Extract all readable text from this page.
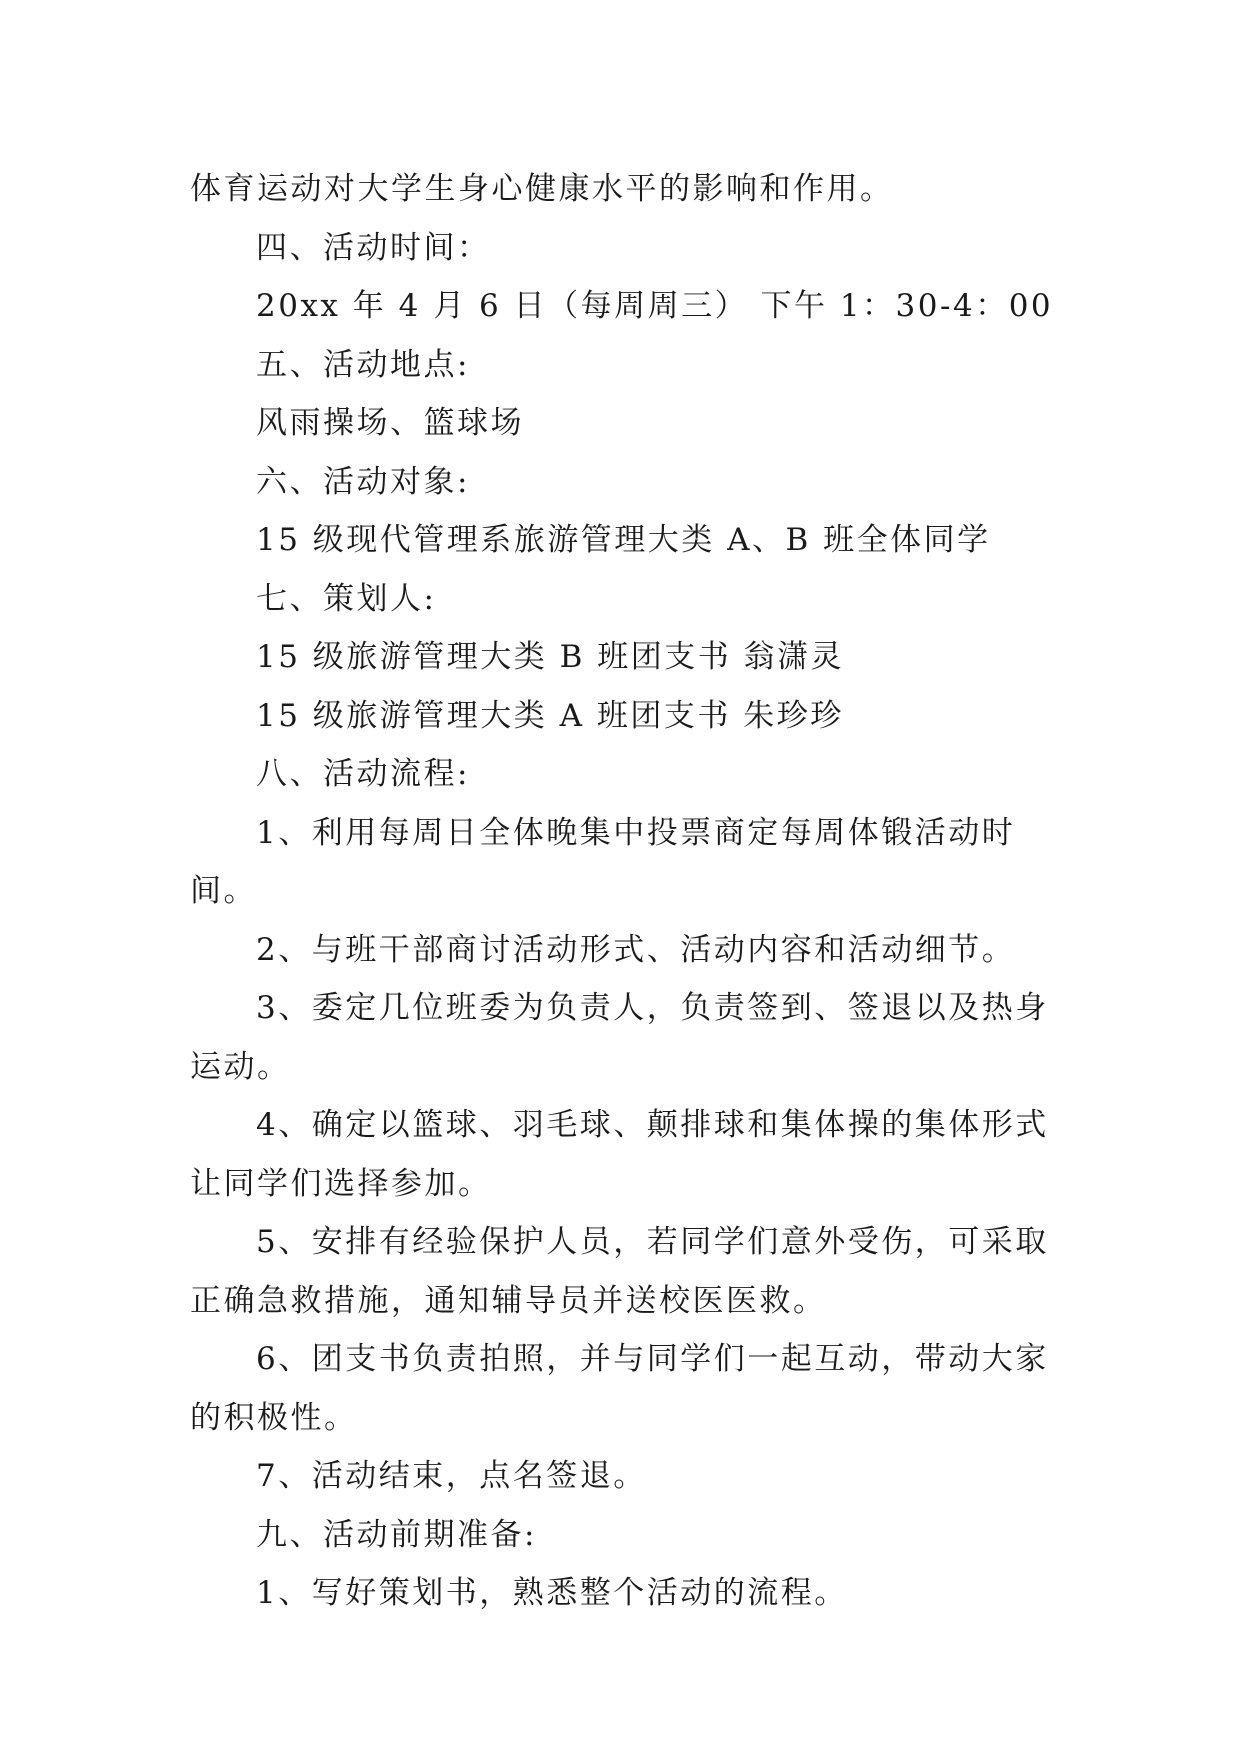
体育运动对大学生身心健康水平的影响和作用。

四、活动时间：

20xx 年 4 月 6 日（每周周三） 下午 1：30-4：00

五、活动地点:

风雨操场、篮球场

六、活动对象:

15 级现代管理系旅游管理大类 A、B 班全体同学

七、策划人:

15 级旅游管理大类 B 班团支书 翁潇灵

15 级旅游管理大类 A 班团支书 朱珍珍

八、活动流程:

1、利用每周日全体晚集中投票商定每周体锻活动时间。

2、与班干部商讨活动形式、活动内容和活动细节。

3、委定几位班委为负责人，负责签到、签退以及热身运动。

4、确定以篮球、羽毛球、颠排球和集体操的集体形式让同学们选择参加。

5、安排有经验保护人员，若同学们意外受伤，可采取正确急救措施，通知辅导员并送校医医救。

6、团支书负责拍照，并与同学们一起互动，带动大家的积极性。

7、活动结束，点名签退。

九、活动前期准备:

1、写好策划书，熟悉整个活动的流程。
